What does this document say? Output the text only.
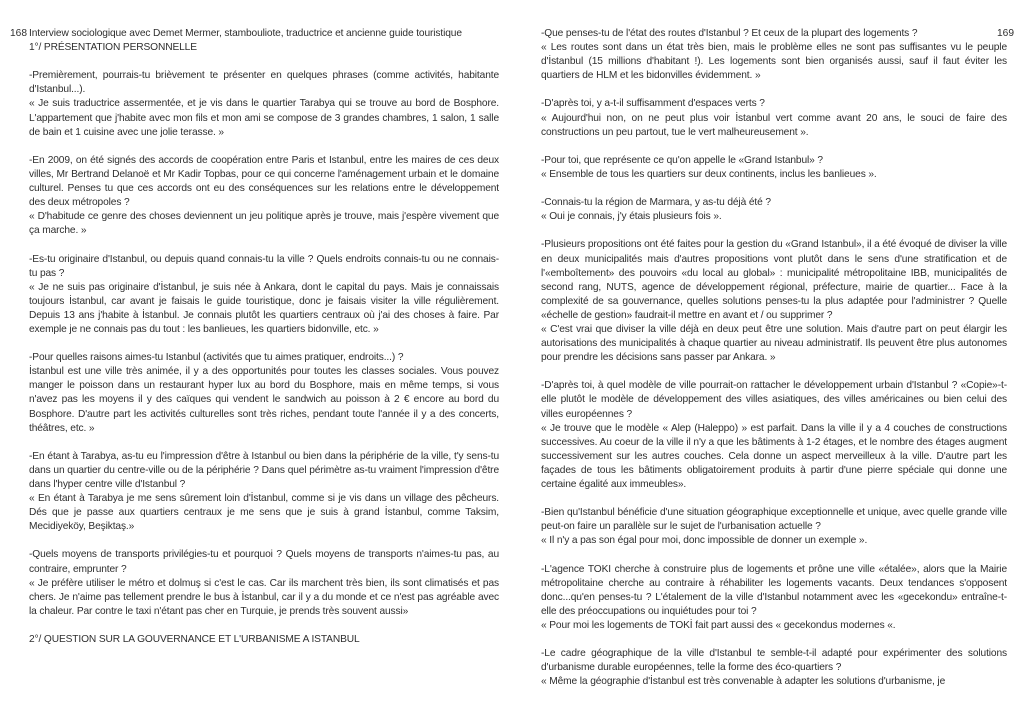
168	169
Interview sociologique avec Demet Mermer, stambouliote, traductrice et ancienne guide touristique
1°/ PRÉSENTATION PERSONNELLE
-Premièrement, pourrais-tu brièvement te présenter en quelques phrases (comme activités, habitante d'Istanbul...).
« Je suis traductrice assermentée, et je vis dans le quartier Tarabya qui se trouve au bord de Bosphore. L'appartement que j'habite avec mon fils et mon ami se compose de 3 grandes chambres, 1 salon, 1 salle de bain et 1 cuisine avec une jolie terasse. »
-En 2009, on été signés des accords de coopération entre Paris et Istanbul, entre les maires de ces deux villes, Mr Bertrand Delanoë et Mr Kadir Topbas, pour ce qui concerne l'aménagement urbain et le domaine culturel. Penses tu que ces accords ont eu des conséquences sur les relations entre le développement des deux métropoles ?
« D'habitude ce genre des choses deviennent un jeu politique après je trouve, mais j'espère vivement que ça marche. »
-Es-tu originaire d'Istanbul, ou depuis quand connais-tu la ville ? Quels endroits connais-tu ou ne connais-tu pas ?
« Je ne suis pas originaire d'İstanbul, je suis née à Ankara, dont le capital du pays. Mais je connaissais toujours İstanbul, car avant je faisais le guide touristique, donc je faisais visiter la ville régulièrement. Depuis 13 ans j'habite à İstanbul. Je connais plutôt les quartiers centraux où j'ai des choses à faire. Par exemple je ne connais pas du tout : les banlieues, les quartiers bidonville, etc. »
-Pour quelles raisons aimes-tu Istanbul (activités que tu aimes pratiquer, endroits...) ?
İstanbul est une ville très animée, il y a des opportunités pour toutes les classes sociales. Vous pouvez manger le poisson dans un restaurant hyper lux au bord du Bosphore, mais en même temps, si vous n'avez pas les moyens il y des caïques qui vendent le sandwich au poisson à 2 € encore au bord du Bosphore. D'autre part les activités culturelles sont très riches, pendant toute l'année il y a des concerts, théâtres, etc. »
-En étant à Tarabya, as-tu eu l'impression d'être à Istanbul ou bien dans la périphérie de la ville, t'y sens-tu dans un quartier du centre-ville ou de la périphérie ? Dans quel périmètre as-tu vraiment l'impression d'être dans l'hyper centre ville d'Istanbul ?
« En étant à Tarabya je me sens sûrement loin d'İstanbul, comme si je vis dans un village des pêcheurs. Dés que je passe aux quartiers centraux je me sens que je suis à grand İstanbul, comme Taksim, Mecidiyeköy, Beşiktaş.»
-Quels moyens de transports privilégies-tu et pourquoi ? Quels moyens de transports n'aimes-tu pas, au contraire, emprunter ?
« Je préfère utiliser le métro et dolmuş si c'est le cas. Car ils marchent très bien, ils sont climatisés et pas chers. Je n'aime pas tellement prendre le bus à İstanbul, car il y a du monde et ce n'est pas agréable avec la chaleur. Par contre le taxi n'étant pas cher en Turquie, je prends très souvent aussi»
2°/ QUESTION SUR LA GOUVERNANCE ET L'URBANISME A ISTANBUL
-Que penses-tu de l'état des routes d'Istanbul ? Et ceux de la plupart des logements ?
« Les routes sont dans un état très bien, mais le problème elles ne sont pas suffisantes vu le peuple d'İstanbul (15 millions d'habitant !). Les logements sont bien organisés aussi, sauf il faut éviter les quartiers de HLM et les bidonvilles évidemment. »
-D'après toi, y a-t-il suffisamment d'espaces verts ?
« Aujourd'hui non, on ne peut plus voir İstanbul vert comme avant 20 ans, le souci de faire des constructions un peu partout, tue le vert malheureusement ».
-Pour toi, que représente ce qu'on appelle le «Grand Istanbul» ?
« Ensemble de tous les quartiers sur deux continents, inclus les banlieues ».
-Connais-tu la région de Marmara, y as-tu déjà été ?
« Oui je connais, j'y étais plusieurs fois ».
-Plusieurs propositions ont été faites pour la gestion du «Grand Istanbul», il a été évoqué de diviser la ville en deux municipalités mais d'autres propositions vont plutôt dans le sens d'une stratification et de l'«emboîtement» des pouvoirs «du local au global» : municipalité métropolitaine IBB, municipalités de second rang, NUTS, agence de développement régional, préfecture, mairie de quartier... Face à la complexité de sa gouvernance, quelles solutions penses-tu la plus adaptée pour l'administrer ? Quelle «échelle de gestion» faudrait-il mettre en avant et / ou supprimer ?
« C'est vrai que diviser la ville déjà en deux peut être une solution. Mais d'autre part on peut élargir les autorisations des municipalités à chaque quartier au niveau administratif. Ils peuvent être plus autonomes pour prendre les décisions sans passer par Ankara. »
-D'après toi, à quel modèle de ville pourrait-on rattacher le développement urbain d'Istanbul ? «Copie»-t-elle plutôt le modèle de développement des villes asiatiques, des villes américaines ou bien celui des villes européennes ?
« Je trouve que le modèle « Alep (Haleppo) » est parfait. Dans la ville il y a 4 couches de constructions successives. Au coeur de la ville il n'y a que les bâtiments à 1-2 étages, et le nombre des étages augment successivement sur les autres couches. Cela donne un aspect merveilleux à la ville. D'autre part les façades de tous les bâtiments obligatoirement produits à partir d'une pierre spéciale qui donne une certaine égalité aux immeubles».
-Bien qu'Istanbul bénéficie d'une situation géographique exceptionnelle et unique, avec quelle grande ville peut-on faire un parallèle sur le sujet de l'urbanisation actuelle ?
« Il n'y a pas son égal pour moi, donc impossible de donner un exemple ».
-L'agence TOKI cherche à construire plus de logements et prône une ville «étalée», alors que la Mairie métropolitaine cherche au contraire à réhabiliter les logements vacants. Deux tendances s'opposent donc...qu'en penses-tu ? L'étalement de la ville d'Istanbul notamment avec les «gecekondu» entraîne-t-elle des préoccupations ou inquiétudes pour toi ?
« Pour moi les logements de TOKİ fait part aussi des « gecekondus modernes «.
-Le cadre géographique de la ville d'Istanbul te semble-t-il adapté pour expérimenter des solutions d'urbanisme durable européennes, telle la forme des éco-quartiers ?
« Même la géographie d'İstanbul est très convenable à adapter les solutions d'urbanisme, je
